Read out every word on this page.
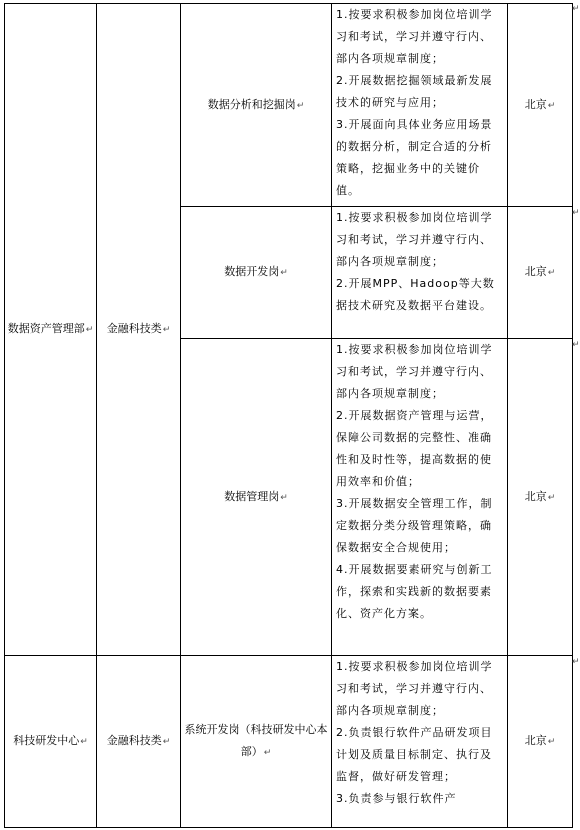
数据资产管理部↵	金融科技类↵	数据分析和挖掘岗↵	1.按要求积极参加岗位培训学习和考试，学习并遵守行内、部内各项规章制度；
2.开展数据挖掘领域最新发展技术的研究与应用；
3.开展面向具体业务应用场景的数据分析，制定合适的分析策略，挖掘业务中的关键价值。	北京↵
		数据开发岗↵	1.按要求积极参加岗位培训学习和考试，学习并遵守行内、部内各项规章制度；
2.开展MPP、Hadoop等大数据技术研究及数据平台建设。	北京↵
		数据管理岗↵	1.按要求积极参加岗位培训学习和考试，学习并遵守行内、部内各项规章制度；
2.开展数据资产管理与运营，保障公司数据的完整性、准确性和及时性等，提高数据的使用效率和价值；
3.开展数据安全管理工作，制定数据分类分级管理策略，确保数据安全合规使用；
4.开展数据要素研究与创新工作，探索和实践新的数据要素化、资产化方案。	北京↵
科技研发中心↵	金融科技类↵	系统开发岗（科技研发中心本部）↵	1.按要求积极参加岗位培训学习和考试，学习并遵守行内、部内各项规章制度；
2.负责银行软件产品研发项目计划及质量目标制定、执行及监督，做好研发管理；
3.负责参与银行软件产	北京↵
↵
↵
↵
↵
